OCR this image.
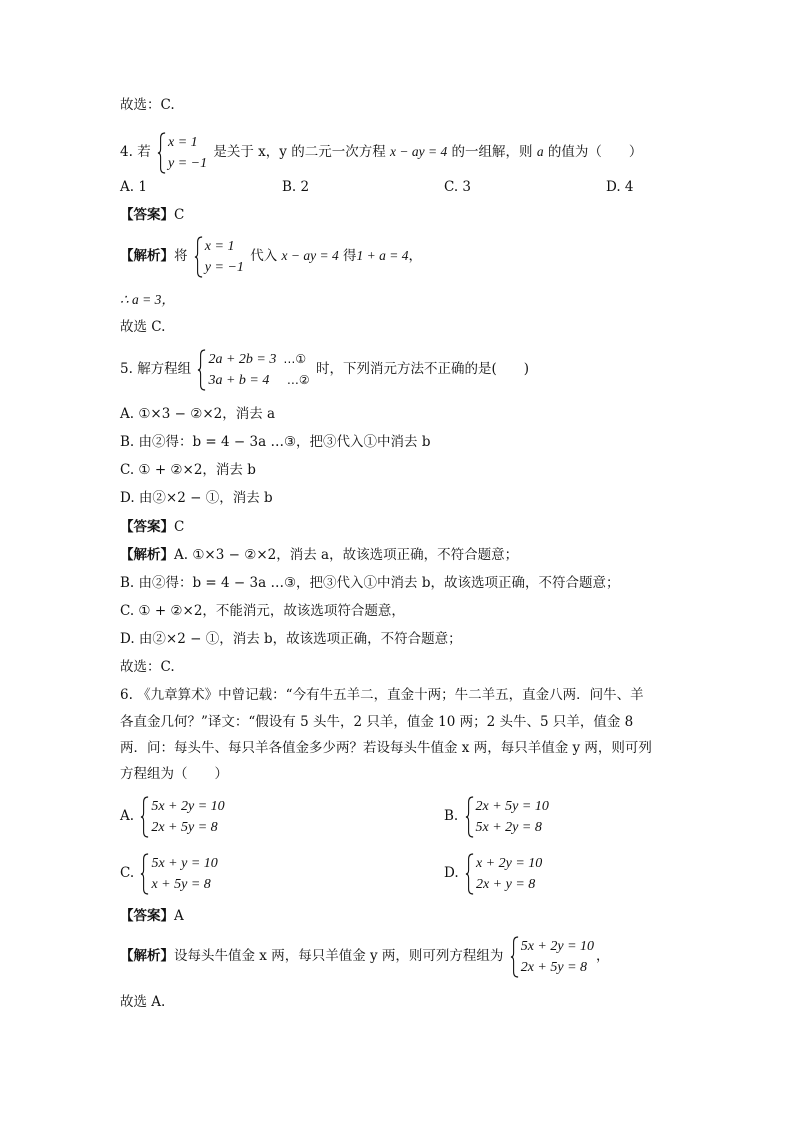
故选：C.
4. 若
x = 1
y = −1
是关于 x，y 的二元一次方程 x − ay = 4 的一组解，则 a 的值为（　　）
A. 1	B. 2	C. 3	D. 4
【答案】C
【解析】将
x = 1
y = −1
代入 x − ay = 4 得1 + a = 4，
∴ a = 3，
故选 C.
5. 解方程组
2a + 2b = 3 …①
3a + b = 4 …②
时，下列消元方法不正确的是(　　)
A. ①×3 − ②×2，消去 a
B. 由②得：b = 4 − 3a …③，把③代入①中消去 b
C. ① + ②×2，消去 b
D. 由②×2 − ①，消去 b
【答案】C
【解析】A. ①×3 − ②×2，消去 a，故该选项正确，不符合题意；
B. 由②得：b = 4 − 3a …③，把③代入①中消去 b，故该选项正确，不符合题意；
C. ① + ②×2，不能消元，故该选项符合题意，
D. 由②×2 − ①，消去 b，故该选项正确，不符合题意；
故选：C.
6. 《九章算术》中曾记载：“今有牛五羊二，直金十两；牛二羊五，直金八两．问牛、羊
各直金几何？”译文：“假设有 5 头牛，2 只羊，值金 10 两；2 头牛、5 只羊，值金 8
两．问：每头牛、每只羊各值金多少两？若设每头牛值金 x 两，每只羊值金 y 两，则可列
方程组为（　　）
A.
5x + 2y = 10
2x + 5y = 8
B.
2x + 5y = 10
5x + 2y = 8
C.
5x + y = 10
x + 5y = 8
D.
x + 2y = 10
2x + y = 8
【答案】A
【解析】设每头牛值金 x 两，每只羊值金 y 两，则可列方程组为
5x + 2y = 10
2x + 5y = 8
，
故选 A.
